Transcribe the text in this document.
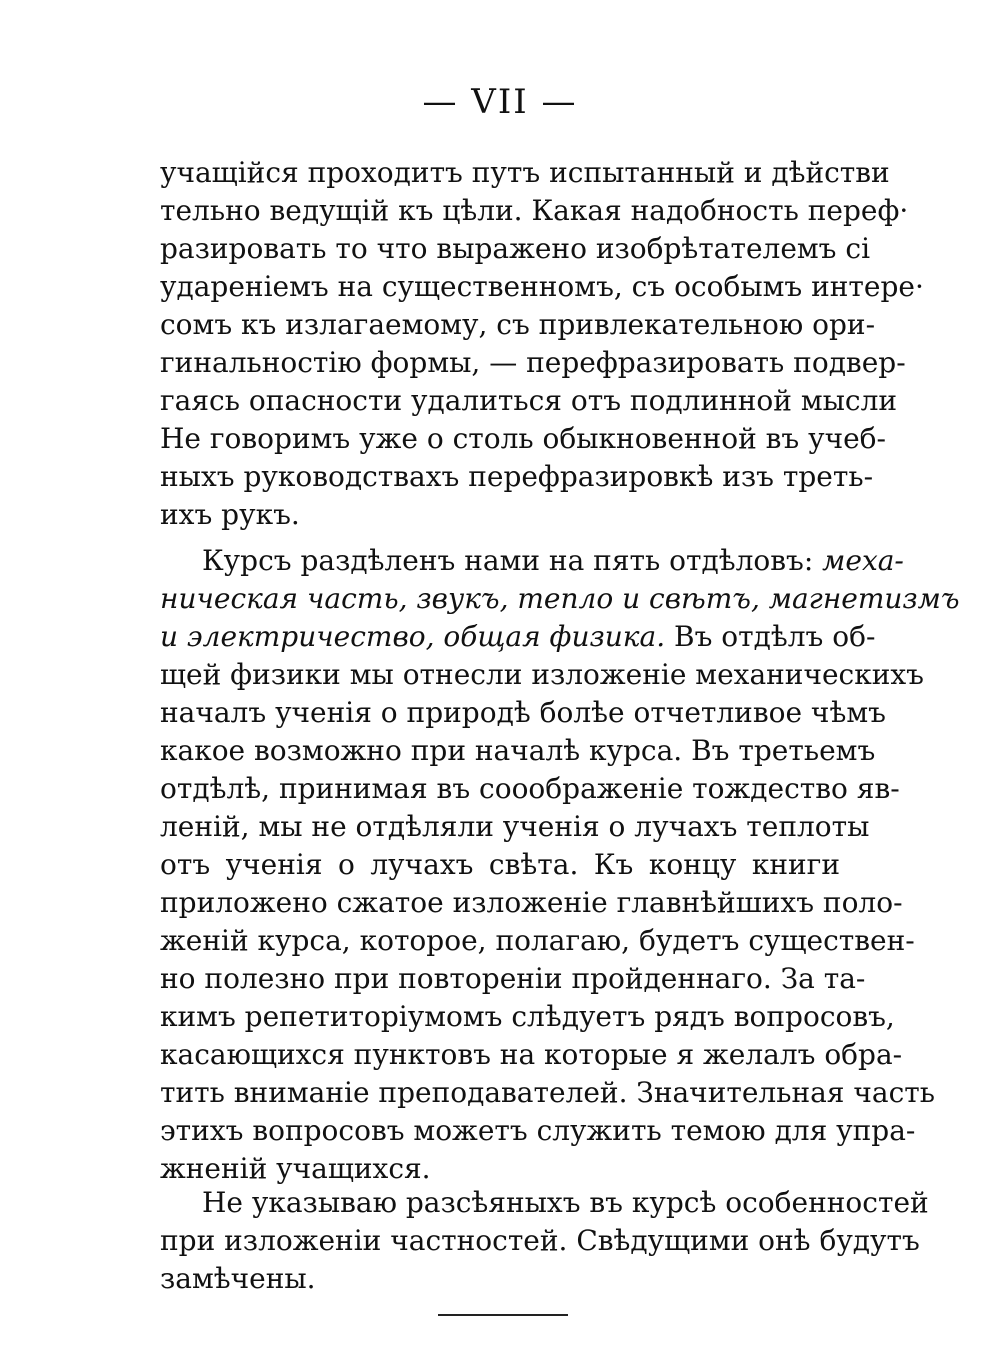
— VII —
учащійся проходитъ путъ испытанный и дѣйстви
тельно ведущій къ цѣли. Какая надобность переф·
разировать то что выражено изобрѣтателемъ сі
удареніемъ на существенномъ, съ особымъ интере·
сомъ къ излагаемому, съ привлекательною ори-
гинальностію формы, — перефразировать подвер-
гаясь опасности удалиться отъ подлинной мысли
Не говоримъ уже о столь обыкновенной въ учеб-
ныхъ руководствахъ перефразировкѣ изъ треть-
ихъ рукъ.
Курсъ раздѣленъ нами на пять отдѣловъ: меха-
ническая часть, звукъ, тепло и свѣтъ, магнетизмъ
и электричество, общая физика. Въ отдѣлъ об-
щей физики мы отнесли изложеніе механическихъ
началъ ученія о природѣ болѣе отчетливое чѣмъ
какое возможно при началѣ курса. Въ третьемъ
отдѣлѣ, принимая въ сооображеніе тождество яв-
леній, мы не отдѣляли ученія о лучахъ теплоты
отъ ученія о лучахъ свѣта. Къ концу книги
приложено сжатое изложеніе главнѣйшихъ поло-
женій курса, которое, полагаю, будетъ существен-
но полезно при повтореніи пройденнаго. За та-
кимъ репетиторіумомъ слѣдуетъ рядъ вопросовъ,
касающихся пунктовъ на которые я желалъ обра-
тить вниманіе преподавателей. Значительная часть
этихъ вопросовъ можетъ служить темою для упра-
жненій учащихся.
Не указываю разсѣяныхъ въ курсѣ особенностей
при изложеніи частностей. Свѣдущими онѣ будутъ
замѣчены.
